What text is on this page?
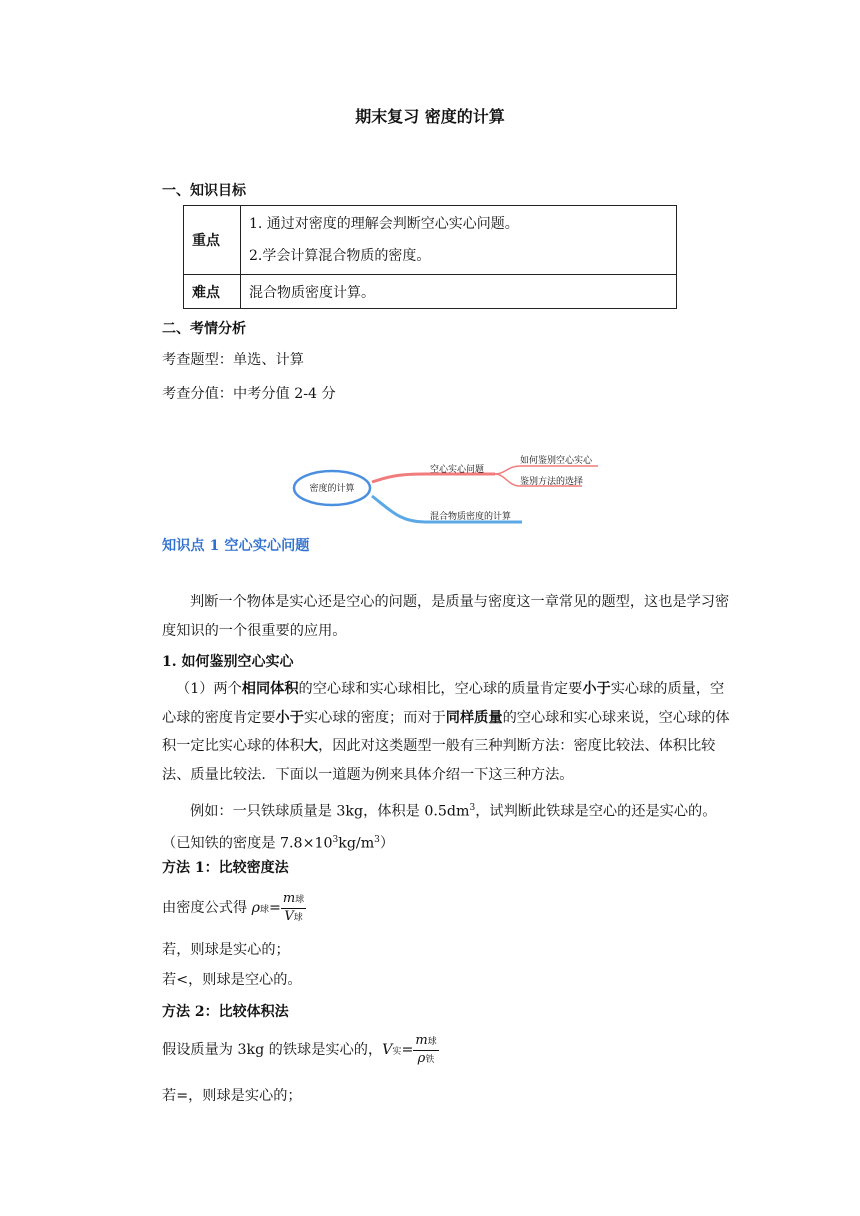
期末复习 密度的计算
一、知识目标
重点	1. 通过对密度的理解会判断空心实心问题。
2.学会计算混合物质的密度。

难点	混合物质密度计算。
二、考情分析
考查题型：单选、计算
考查分值：中考分值 2-4 分
密度的计算
空心实心问题
如何鉴别空心实心
鉴别方法的选择
混合物质密度的计算
知识点 1 空心实心问题
判断一个物体是实心还是空心的问题，是质量与密度这一章常见的题型，这也是学习密度知识的一个很重要的应用。
1. 如何鉴别空心实心
（1）两个相同体积的空心球和实心球相比，空心球的质量肯定要小于实心球的质量，空心球的密度肯定要小于实心球的密度；而对于同样质量的空心球和实心球来说，空心球的体积一定比实心球的体积大，因此对这类题型一般有三种判断方法：密度比较法、体积比较法、质量比较法．下面以一道题为例来具体介绍一下这三种方法。
例如：一只铁球质量是 3kg，体积是 $0.5dm^3$，试判断此铁球是空心的还是实心的。（已知铁的密度是 $7.8\times 10^3kg/m^3$）
方法 1：比较密度法
由密度公式得 ρ球= $\frac{\text{m球}}{\text{V球}}$
若，则球是实心的；
若<，则球是空心的。
方法 2：比较体积法
假设质量为 3kg 的铁球是实心的，V实= $\frac{\text{m球}}{\text{ρ铁}}$
若=，则球是实心的；
